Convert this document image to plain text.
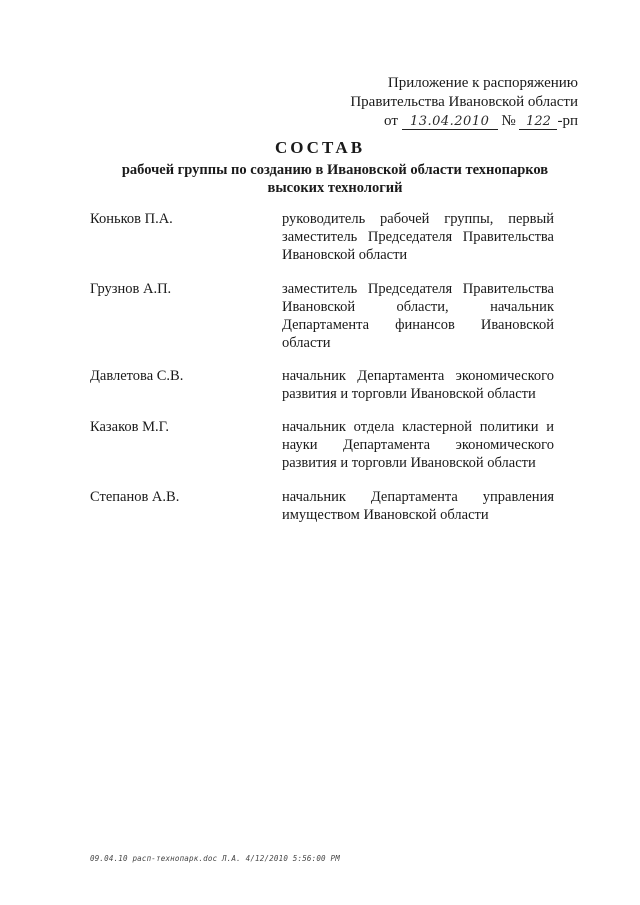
Приложение к распоряжению
Правительства Ивановской области
от 13.04.2010 № 122 -рп
СОСТАВ
рабочей группы по созданию в Ивановской области технопарков
высоких технологий
Коньков П.А.	руководитель рабочей группы, первый заместитель Председателя Правительства Ивановской области
Грузнов А.П.	заместитель Председателя Правительства Ивановской области, начальник Департамента финансов Ивановской области
Давлетова С.В.	начальник Департамента экономического развития и торговли Ивановской области
Казаков М.Г.	начальник отдела кластерной политики и науки Департамента экономического развития и торговли Ивановской области
Степанов А.В.	начальник Департамента управления имуществом Ивановской области
09.04.10 расп-технопарк.doc Л.А. 4/12/2010 5:56:00 PM
